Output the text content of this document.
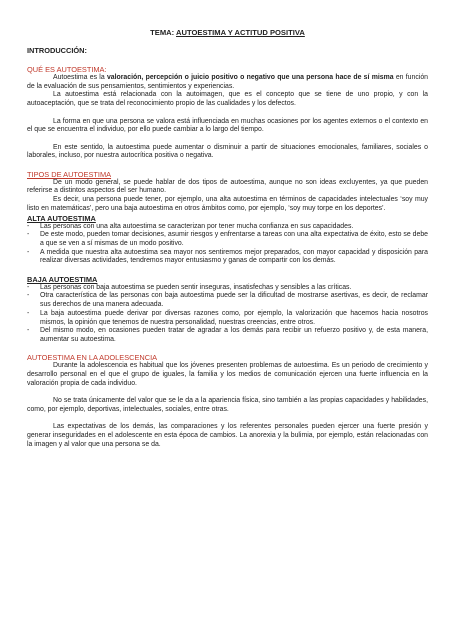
TEMA: AUTOESTIMA Y ACTITUD POSITIVA
INTRODUCCIÓN:
QUÉ ES AUTOESTIMA:

Autoestima es la valoración, percepción o juicio positivo o negativo que una persona hace de sí misma en función de la evaluación de sus pensamientos, sentimientos y experiencias.

La autoestima está relacionada con la autoimagen, que es el concepto que se tiene de uno propio, y con la autoaceptación, que se trata del reconocimiento propio de las cualidades y los defectos.

La forma en que una persona se valora está influenciada en muchas ocasiones por los agentes externos o el contexto en el que se encuentra el individuo, por ello puede cambiar a lo largo del tiempo.

En este sentido, la autoestima puede aumentar o disminuir a partir de situaciones emocionales, familiares, sociales o laborales, incluso, por nuestra autocrítica positiva o negativa.

TIPOS DE AUTOESTIMA

De un modo general, se puede hablar de dos tipos de autoestima, aunque no son ideas excluyentes, ya que pueden referirse a distintos aspectos del ser humano.

Es decir, una persona puede tener, por ejemplo, una alta autoestima en términos de capacidades intelectuales ‘soy muy listo en matemáticas’, pero una baja autoestima en otros ámbitos como, por ejemplo, ‘soy muy torpe en los deportes’.

ALTA AUTOESTIMA
- Las personas con una alta autoestima se caracterizan por tener mucha confianza en sus capacidades.
- De este modo, pueden tomar decisiones, asumir riesgos y enfrentarse a tareas con una alta expectativa de éxito, esto se debe a que se ven a sí mismas de un modo positivo.
- A medida que nuestra alta autoestima sea mayor nos sentiremos mejor preparados, con mayor capacidad y disposición para realizar diversas actividades, tendremos mayor entusiasmo y ganas de compartir con los demás.
BAJA AUTOESTIMA
- Las personas con baja autoestima se pueden sentir inseguras, insatisfechas y sensibles a las críticas.
- Otra característica de las personas con baja autoestima puede ser la dificultad de mostrarse asertivas, es decir, de reclamar sus derechos de una manera adecuada.
- La baja autoestima puede derivar por diversas razones como, por ejemplo, la valorización que hacemos hacia nosotros mismos, la opinión que tenemos de nuestra personalidad, nuestras creencias, entre otros.
- Del mismo modo, en ocasiones pueden tratar de agradar a los demás para recibir un refuerzo positivo y, de esta manera, aumentar su autoestima.
AUTOESTIMA EN LA ADOLESCENCIA

Durante la adolescencia es habitual que los jóvenes presenten problemas de autoestima. Es un periodo de crecimiento y desarrollo personal en el que el grupo de iguales, la familia y los medios de comunicación ejercen una fuerte influencia en la valoración propia de cada individuo.

No se trata únicamente del valor que se le da a la apariencia física, sino también a las propias capacidades y habilidades, como, por ejemplo, deportivas, intelectuales, sociales, entre otras.

Las expectativas de los demás, las comparaciones y los referentes personales pueden ejercer una fuerte presión y generar inseguridades en el adolescente en esta época de cambios. La anorexia y la bulimia, por ejemplo, están relacionadas con la imagen y al valor que una persona se da.
